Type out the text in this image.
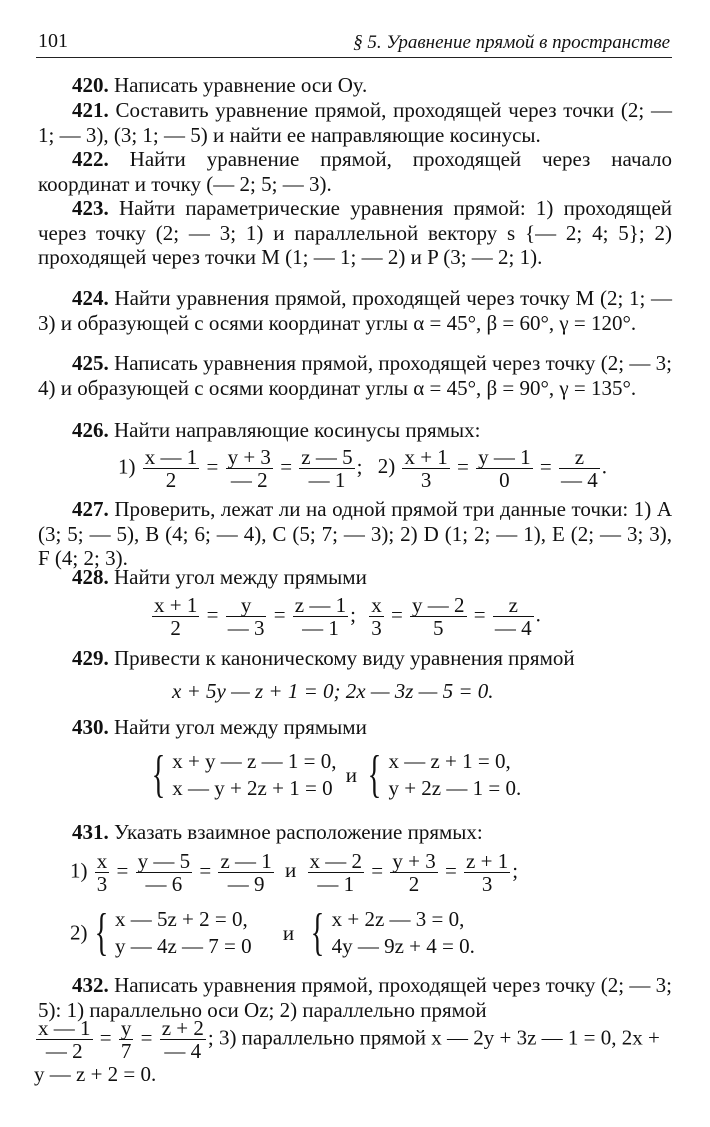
101	§ 5. Уравнение прямой в пространстве
420. Написать уравнение оси Oy.
421. Составить уравнение прямой, проходящей через точки (2; — 1; — 3), (3; 1; — 5) и найти ее направляющие косинусы.
422. Найти уравнение прямой, проходящей через начало координат и точку (— 2; 5; — 3).
423. Найти параметрические уравнения прямой: 1) проходящей через точку (2; — 3; 1) и параллельной вектору s {— 2; 4; 5}; 2) проходящей через точки M (1; — 1; — 2) и P (3; — 2; 1).
424. Найти уравнения прямой, проходящей через точку M (2; 1; — 3) и образующей с осями координат углы α = 45°, β = 60°, γ = 120°.
425. Написать уравнения прямой, проходящей через точку (2; — 3; 4) и образующей с осями координат углы α = 45°, β = 90°, γ = 135°.
426. Найти направляющие косинусы прямых:
$1) \frac{x — 1}{2} = \frac{y + 3}{— 2} = \frac{z — 5}{— 1}$ ; $2) \frac{x + 1}{3} = \frac{y — 1}{0} = \frac{z}{— 4}$ .
427. Проверить, лежат ли на одной прямой три данные точки: 1) A (3; 5; — 5), B (4; 6; — 4), C (5; 7; — 3); 2) D (1; 2; — 1), E (2; — 3; 3), F (4; 2; 3).
428. Найти угол между прямыми
$\frac{x + 1}{2} = \frac{y}{— 3} = \frac{z — 1}{— 1}$ ; $\frac{x}{3} = \frac{y — 2}{5} = \frac{z}{— 4}$ .
429. Привести к каноническому виду уравнения прямой
x + 5y — z + 1 = 0; 2x — 3z — 5 = 0.
430. Найти угол между прямыми
{ x + y — z — 1 = 0,
x — y + 2z + 1 = 0
и { x — z + 1 = 0,
y + 2z — 1 = 0.
431. Указать взаимное расположение прямых:
$1) \frac{x}{3} = \frac{y — 5}{— 6} = \frac{z — 1}{— 9}$ и $\frac{x — 2}{— 1} = \frac{y + 3}{2} = \frac{z + 1}{3}$ ;
2) { x — 5z + 2 = 0,
y — 4z — 7 = 0
и { x + 2z — 3 = 0,
4y — 9z + 4 = 0.
432. Написать уравнения прямой, проходящей через точку (2; — 3; 5): 1) параллельно оси Oz; 2) параллельно прямой
$\frac{x — 1}{— 2} = \frac{y}{7} = \frac{z + 2}{— 4}$ ; 3) параллельно прямой x — 2y + 3z — 1 = 0, 2x + y — z + 2 = 0.
